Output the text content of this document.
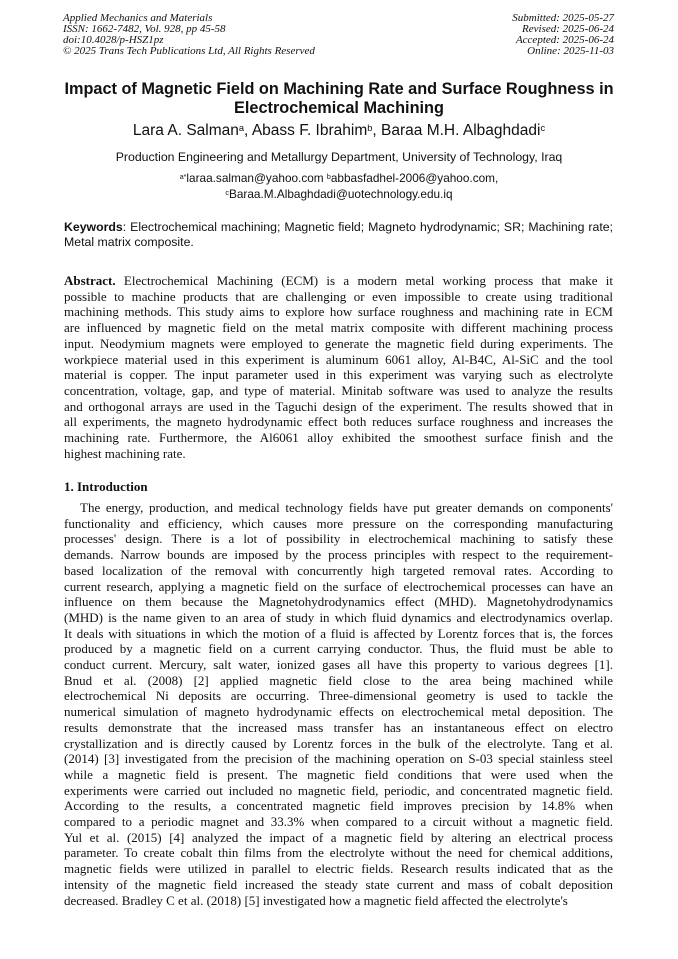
Applied Mechanics and Materials
ISSN: 1662-7482, Vol. 928, pp 45-58
doi:10.4028/p-HSZ1pz
© 2025 Trans Tech Publications Ltd, All Rights Reserved
Submitted: 2025-05-27
Revised: 2025-06-24
Accepted: 2025-06-24
Online: 2025-11-03
Impact of Magnetic Field on Machining Rate and Surface Roughness in Electrochemical Machining
Lara A. Salman$^a$, Abass F. Ibrahim$^b$, Baraa M.H. Albaghdadi$^c$
Production Engineering and Metallurgy Department, University of Technology, Iraq
$^{a*}$laraa.salman@yahoo.com $^b$abbasfadhel-2006@yahoo.com,
$^c$Baraa.M.Albaghdadi@uotechnology.edu.iq
Keywords: Electrochemical machining; Magnetic field; Magneto hydrodynamic; SR; Machining rate; Metal matrix composite.
Abstract. Electrochemical Machining (ECM) is a modern metal working process that make it
possible to machine products that are challenging or even impossible to create using traditional
machining methods. This study aims to explore how surface roughness and machining rate in ECM
are influenced by magnetic field on the metal matrix composite with different machining process
input. Neodymium magnets were employed to generate the magnetic field during experiments. The
workpiece material used in this experiment is aluminum 6061 alloy, Al-B4C, Al-SiC and the tool
material is copper. The input parameter used in this experiment was varying such as electrolyte
concentration, voltage, gap, and type of material. Minitab software was used to analyze the results
and orthogonal arrays are used in the Taguchi design of the experiment. The results showed that in
all experiments, the magneto hydrodynamic effect both reduces surface roughness and increases the
machining rate. Furthermore, the Al6061 alloy exhibited the smoothest surface finish and the
highest machining rate.
1. Introduction
The energy, production, and medical technology fields have put greater demands on components'
functionality and efficiency, which causes more pressure on the corresponding manufacturing
processes' design. There is a lot of possibility in electrochemical machining to satisfy these
demands. Narrow bounds are imposed by the process principles with respect to the requirement-
based localization of the removal with concurrently high targeted removal rates. According to
current research, applying a magnetic field on the surface of electrochemical processes can have an
influence on them because the Magnetohydrodynamics effect (MHD). Magnetohydrodynamics
(MHD) is the name given to an area of study in which fluid dynamics and electrodynamics overlap.
It deals with situations in which the motion of a fluid is affected by Lorentz forces that is, the forces
produced by a magnetic field on a current carrying conductor. Thus, the fluid must be able to
conduct current. Mercury, salt water, ionized gases all have this property to various degrees [1].
Bnud et al. (2008) [2] applied magnetic field close to the area being machined while
electrochemical Ni deposits are occurring. Three-dimensional geometry is used to tackle the
numerical simulation of magneto hydrodynamic effects on electrochemical metal deposition. The
results demonstrate that the increased mass transfer has an instantaneous effect on electro
crystallization and is directly caused by Lorentz forces in the bulk of the electrolyte. Tang et al.
(2014) [3] investigated from the precision of the machining operation on S-03 special stainless steel
while a magnetic field is present. The magnetic field conditions that were used when the
experiments were carried out included no magnetic field, periodic, and concentrated magnetic field.
According to the results, a concentrated magnetic field improves precision by 14.8% when
compared to a periodic magnet and 33.3% when compared to a circuit without a magnetic field.
Yul et al. (2015) [4] analyzed the impact of a magnetic field by altering an electrical process
parameter. To create cobalt thin films from the electrolyte without the need for chemical additions,
magnetic fields were utilized in parallel to electric fields. Research results indicated that as the
intensity of the magnetic field increased the steady state current and mass of cobalt deposition
decreased. Bradley C et al. (2018) [5] investigated how a magnetic field affected the electrolyte's
